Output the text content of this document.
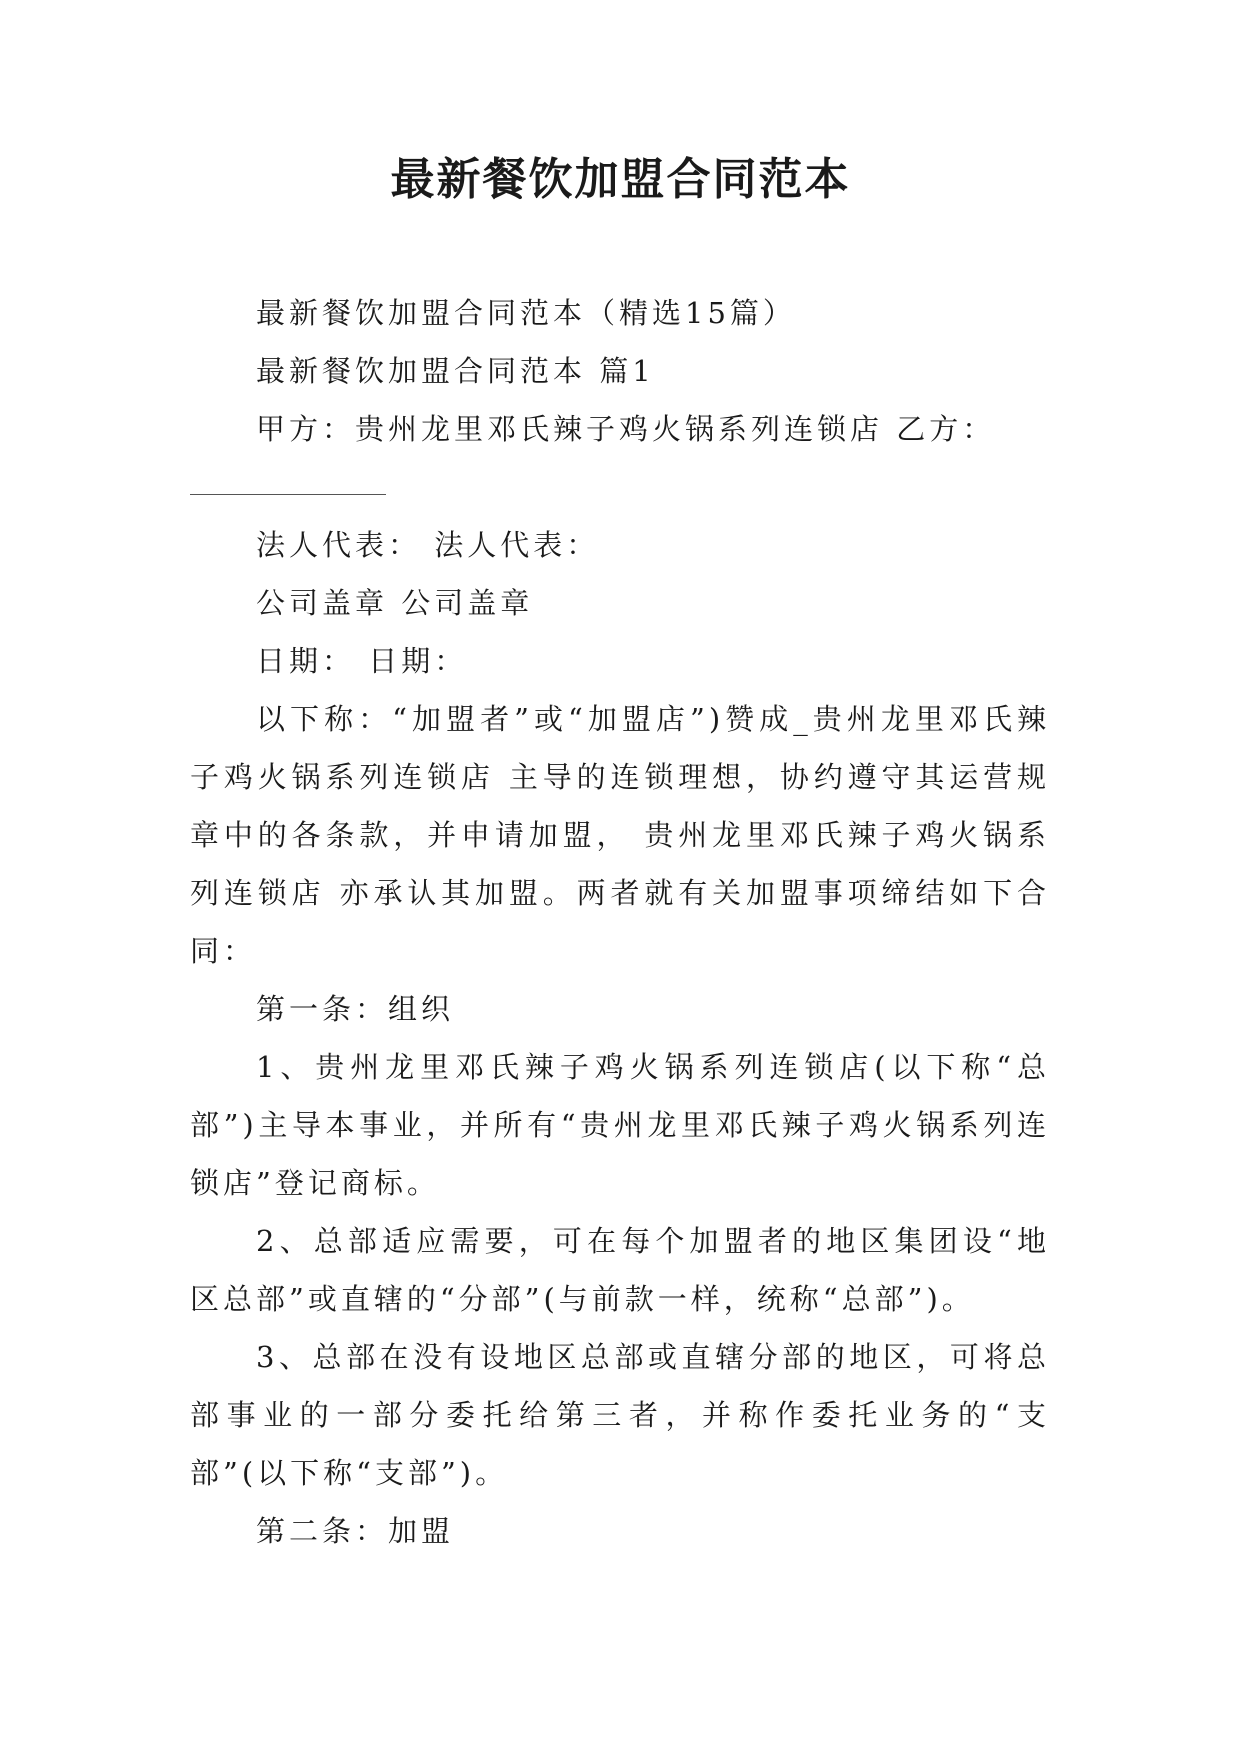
最新餐饮加盟合同范本

最新餐饮加盟合同范本（精选15篇）

最新餐饮加盟合同范本 篇1

甲方：贵州龙里邓氏辣子鸡火锅系列连锁店 乙方：

法人代表： 法人代表：

公司盖章 公司盖章

日期： 日期：

以下称：“加盟者”或“加盟店”)赞成_贵州龙里邓氏辣子鸡火锅系列连锁店 主导的连锁理想，协约遵守其运营规章中的各条款，并申请加盟， 贵州龙里邓氏辣子鸡火锅系列连锁店 亦承认其加盟。两者就有关加盟事项缔结如下合同：

第一条：组织

1、贵州龙里邓氏辣子鸡火锅系列连锁店(以下称“总部”)主导本事业，并所有“贵州龙里邓氏辣子鸡火锅系列连锁店”登记商标。

2、总部适应需要，可在每个加盟者的地区集团设“地区总部”或直辖的“分部”(与前款一样，统称“总部”)。

3、总部在没有设地区总部或直辖分部的地区，可将总部事业的一部分委托给第三者，并称作委托业务的“支部”(以下称“支部”)。

第二条：加盟
